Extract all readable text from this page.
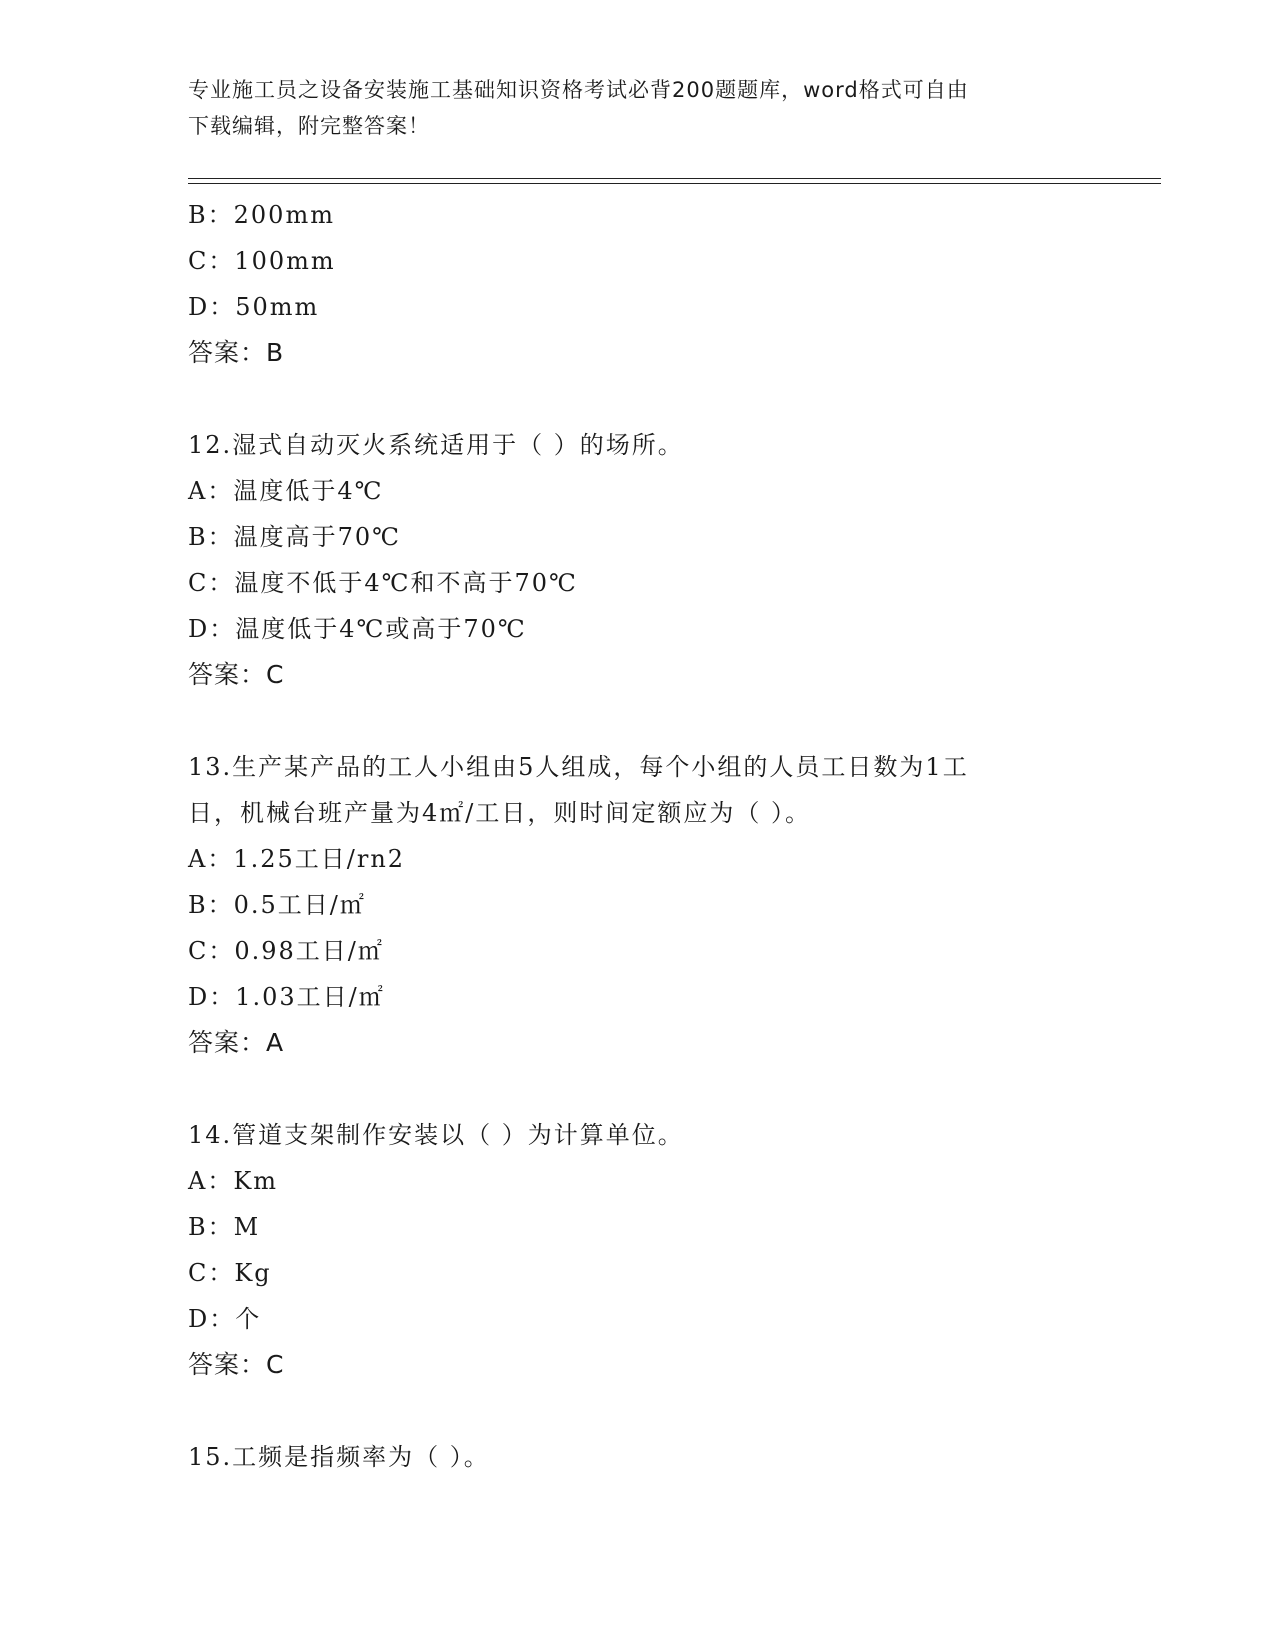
专业施工员之设备安装施工基础知识资格考试必背200题题库，word格式可自由
下载编辑，附完整答案！
B：200mm
C：100mm
D：50mm
答案：B
12.湿式自动灭火系统适用于（ ）的场所。
A：温度低于4℃
B：温度高于70℃
C：温度不低于4℃和不高于70℃
D：温度低于4℃或高于70℃
答案：C
13.生产某产品的工人小组由5人组成，每个小组的人员工日数为1工
日，机械台班产量为4㎡/工日，则时间定额应为（ ）。
A：1.25工日/rn2
B：0.5工日/㎡
C：0.98工日/㎡
D：1.03工日/㎡
答案：A
14.管道支架制作安装以（ ）为计算单位。
A：Km
B：M
C：Kg
D：个
答案：C
15.工频是指频率为（ ）。
